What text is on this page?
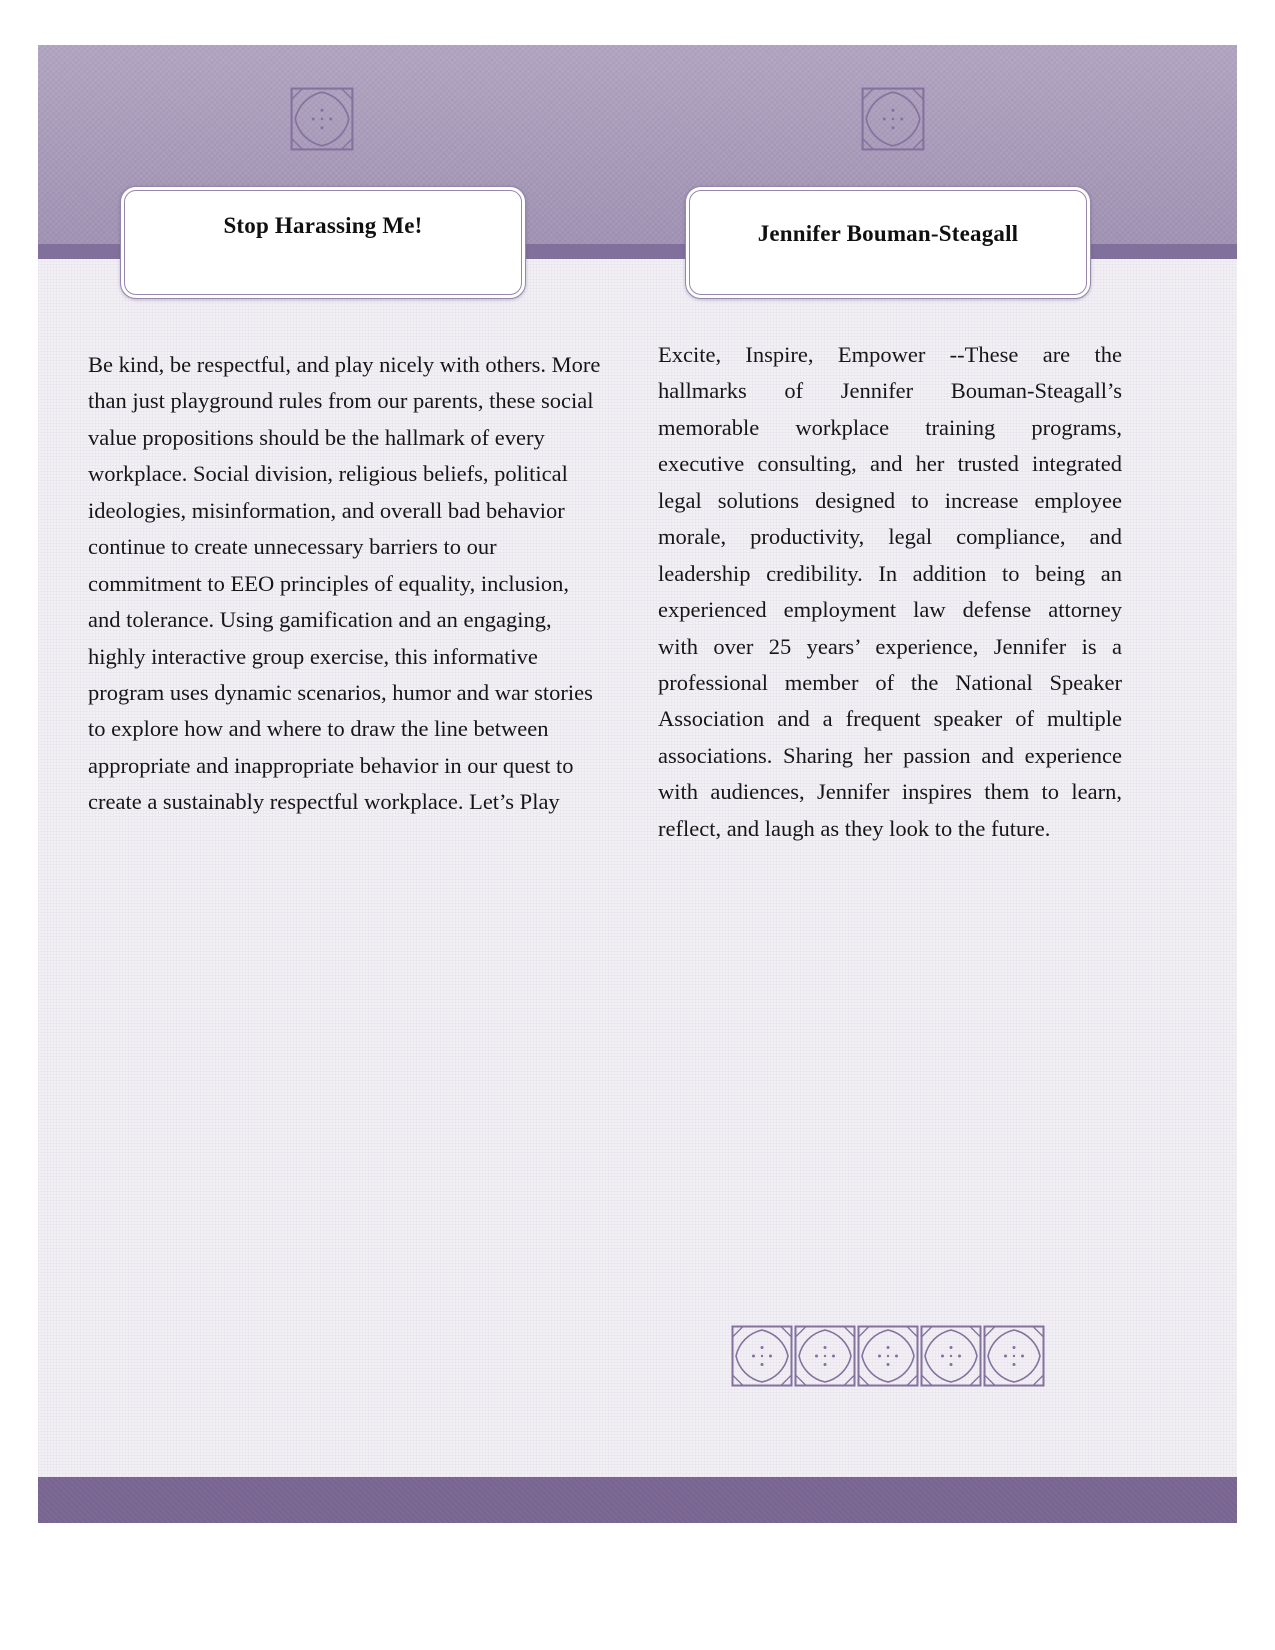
Stop Harassing Me!	Jennifer Bouman-Steagall

Be kind, be respectful, and play nicely with others. More than just playground rules from our parents, these social value propositions should be the hallmark of every workplace. Social division, religious beliefs, political ideologies, misinformation, and overall bad behavior continue to create unnecessary barriers to our commitment to EEO principles of equality, inclusion, and tolerance. Using gamification and an engaging, highly interactive group exercise, this informative program uses dynamic scenarios, humor and war stories to explore how and where to draw the line between appropriate and inappropriate behavior in our quest to create a sustainably respectful workplace. Let’s Play

Excite, Inspire, Empower --These are the hallmarks of Jennifer Bouman-Steagall’s memorable workplace training programs, executive consulting, and her trusted integrated legal solutions designed to increase employee morale, productivity, legal compliance, and leadership credibility. In addition to being an experienced employment law defense attorney with over 25 years’ experience, Jennifer is a professional member of the National Speaker Association and a frequent speaker of multiple associations. Sharing her passion and experience with audiences, Jennifer inspires them to learn, reflect, and laugh as they look to the future.
